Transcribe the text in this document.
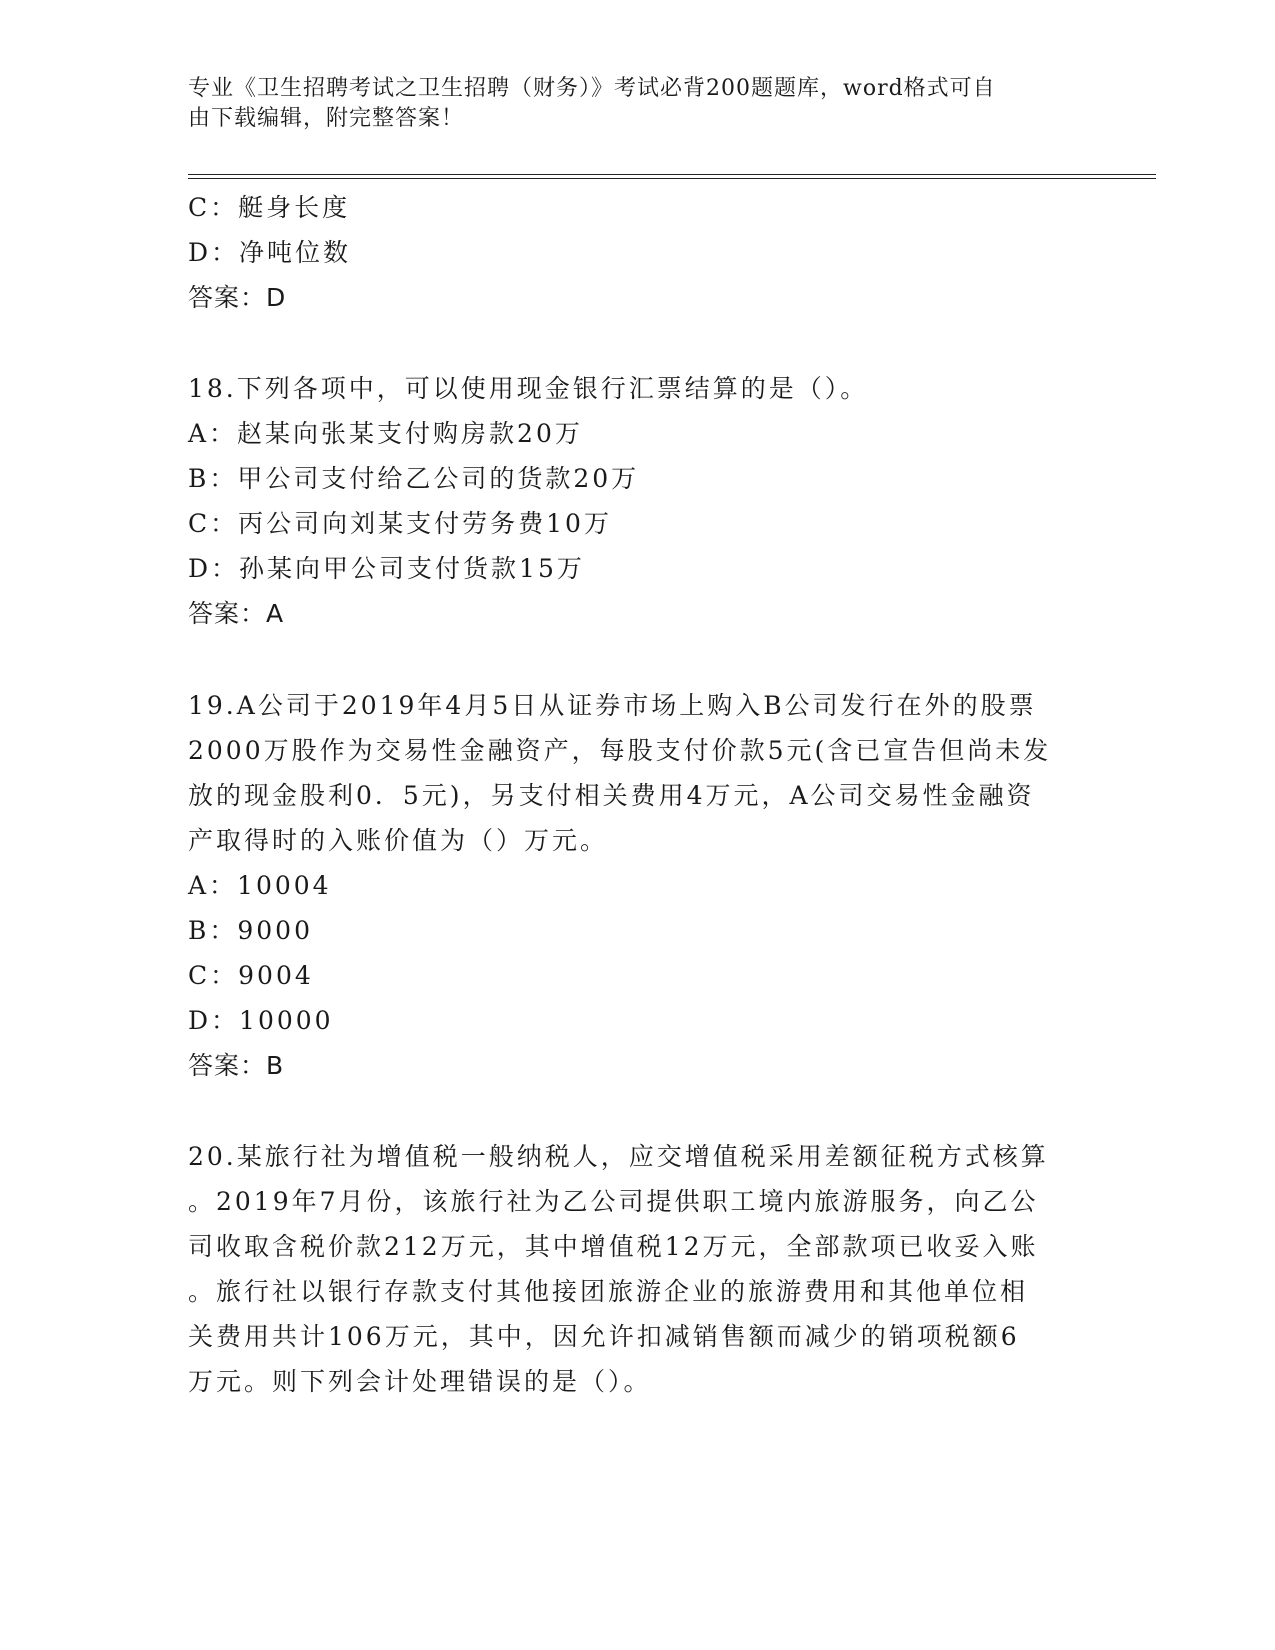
专业《卫生招聘考试之卫生招聘（财务）》考试必背200题题库，word格式可自
由下载编辑，附完整答案！
C：艇身长度
D：净吨位数
答案：D
18.下列各项中，可以使用现金银行汇票结算的是（）。
A：赵某向张某支付购房款20万
B：甲公司支付给乙公司的货款20万
C：丙公司向刘某支付劳务费10万
D：孙某向甲公司支付货款15万
答案：A
19.A公司于2019年4月5日从证券市场上购入B公司发行在外的股票
2000万股作为交易性金融资产，每股支付价款5元(含已宣告但尚未发
放的现金股利0．5元)，另支付相关费用4万元，A公司交易性金融资
产取得时的入账价值为（）万元。
A：10004
B：9000
C：9004
D：10000
答案：B
20.某旅行社为增值税一般纳税人，应交增值税采用差额征税方式核算
。2019年7月份，该旅行社为乙公司提供职工境内旅游服务，向乙公
司收取含税价款212万元，其中增值税12万元，全部款项已收妥入账
。旅行社以银行存款支付其他接团旅游企业的旅游费用和其他单位相
关费用共计106万元，其中，因允许扣减销售额而减少的销项税额6
万元。则下列会计处理错误的是（）。
